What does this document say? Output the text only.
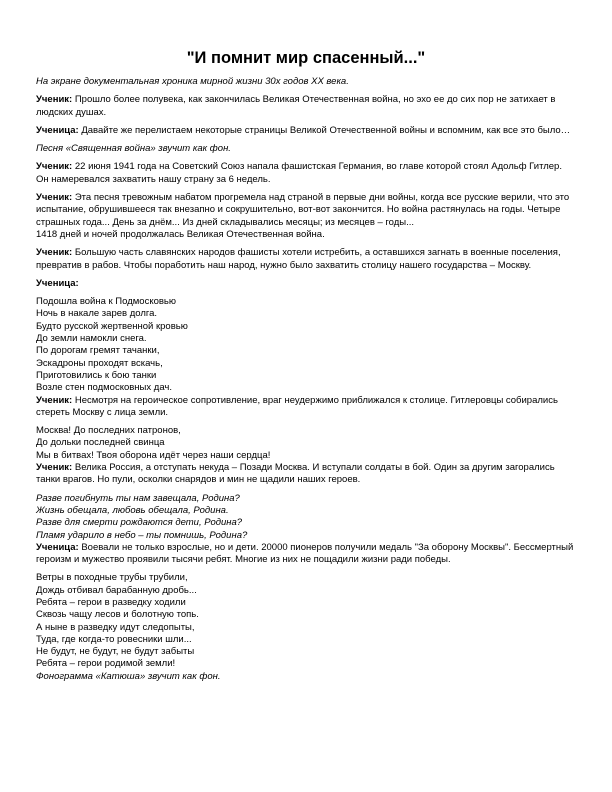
"И помнит мир спасенный..."
На экране документальная хроника мирной жизни 30х годов XX века.
Ученик: Прошло более полувека, как закончилась Великая Отечественная война, но эхо ее до сих пор не затихает в людских душах.
Ученица: Давайте же перелистаем некоторые страницы Великой Отечественной войны и вспомним, как все это было…
Песня «Священная война» звучит как фон.
Ученик: 22 июня 1941 года на Советский Союз напала фашистская Германия, во главе которой стоял Адольф Гитлер. Он намеревался захватить нашу страну за 6 недель.
Ученик: Эта песня тревожным набатом прогремела над страной в первые дни войны, когда все русские верили, что это испытание, обрушившееся так внезапно и сокрушительно, вот-вот закончится. Но война растянулась на годы. Четыре страшных года... День за днём... Из дней складывались месяцы; из месяцев – годы...
1418 дней и ночей продолжалась Великая Отечественная война.
Ученик: Большую часть славянских народов фашисты хотели истребить, а оставшихся загнать в военные поселения, превратив в рабов. Чтобы поработить наш народ, нужно было захватить столицу нашего государства – Москву.
Ученица:
Подошла война к Подмосковью
Ночь в накале зарев долга.
Будто русской жертвенной кровью
До земли намокли снега.
По дорогам гремят тачанки,
Эскадроны проходят вскачь,
Приготовились к бою танки
Возле стен подмосковных дач.
Ученик: Несмотря на героическое сопротивление, враг неудержимо приближался к столице. Гитлеровцы собирались стереть Москву с лица земли.
Москва! До последних патронов,
До дольки последней свинца
Мы в битвах! Твоя оборона идёт через наши сердца!
Ученик: Велика Россия, а отступать некуда – Позади Москва. И вступали солдаты в бой. Один за другим загорались танки врагов. Но пули, осколки снарядов и мин не щадили наших героев.
Разве погибнуть ты нам завещала, Родина?
Жизнь обещала, любовь обещала, Родина.
Разве для смерти рождаются дети, Родина?
Пламя ударило в небо – ты помнишь, Родина?
Ученица: Воевали не только взрослые, но и дети. 20000 пионеров получили медаль "За оборону Москвы". Бессмертный героизм и мужество проявили тысячи ребят. Многие из них не пощадили жизни ради победы.
Ветры в походные трубы трубили,
Дождь отбивал барабанную дробь...
Ребята – герои в разведку ходили
Сквозь чащу лесов и болотную топь.
А ныне в разведку идут следопыты,
Туда, где когда-то ровесники шли...
Не будут, не будут, не будут забыты
Ребята – герои родимой земли!
Фонограмма «Катюша» звучит как фон.
